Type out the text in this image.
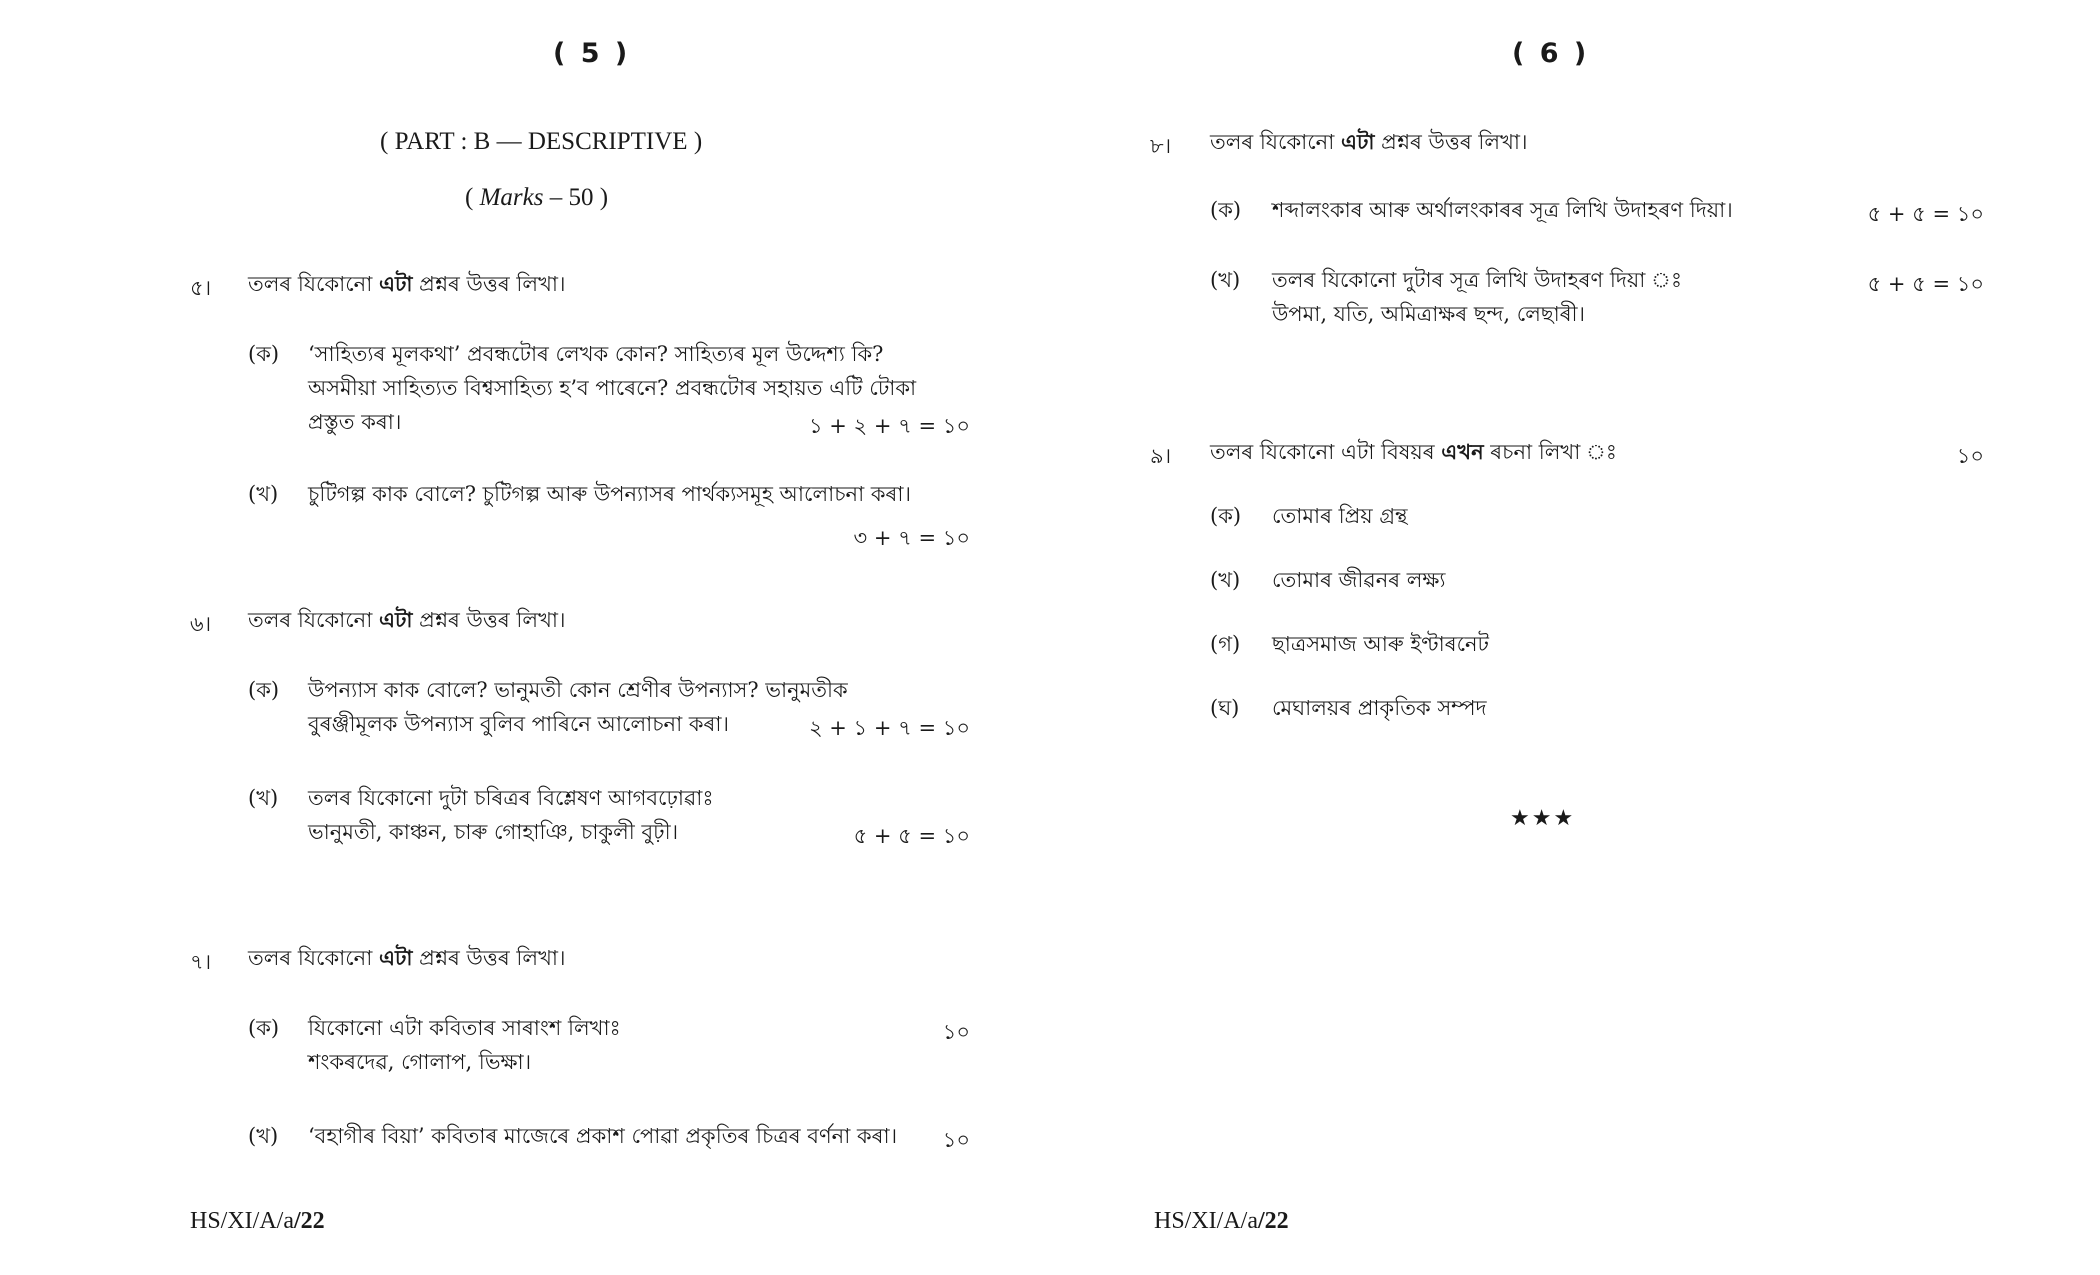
( 5 )
( PART : B — DESCRIPTIVE )
( Marks – 50 )
৫। তলৰ যিকোনো এটা প্ৰশ্নৰ উত্তৰ লিখা।
(ক) ‘সাহিত্যৰ মূলকথা’ প্ৰবন্ধটোৰ লেখক কোন? সাহিত্যৰ মূল উদ্দেশ্য কি?
অসমীয়া সাহিত্যত বিশ্বসাহিত্য হ’ব পাৰেনে? প্ৰবন্ধটোৰ সহায়ত এটি টোকা
প্ৰস্তুত কৰা।	১ + ২ + ৭ = ১০
(খ) চুটিগল্প কাক বোলে? চুটিগল্প আৰু উপন্যাসৰ পাৰ্থক্যসমূহ আলোচনা কৰা।
৩ + ৭ = ১০
৬। তলৰ যিকোনো এটা প্ৰশ্নৰ উত্তৰ লিখা।
(ক) উপন্যাস কাক বোলে? ভানুমতী কোন শ্ৰেণীৰ উপন্যাস? ভানুমতীক
বুৰঞ্জীমূলক উপন্যাস বুলিব পাৰিনে আলোচনা কৰা।	২ + ১ + ৭ = ১০
(খ) তলৰ যিকোনো দুটা চৰিত্ৰৰ বিশ্লেষণ আগবঢ়োৱাঃ
ভানুমতী, কাঞ্চন, চাৰু গোহাঞি, চাকুলী বুঢ়ী।	৫ + ৫ = ১০
৭। তলৰ যিকোনো এটা প্ৰশ্নৰ উত্তৰ লিখা।
(ক) যিকোনো এটা কবিতাৰ সাৰাংশ লিখাঃ
শংকৰদেৱ, গোলাপ, ভিক্ষা।
১০
(খ) ‘বহাগীৰ বিয়া’ কবিতাৰ মাজেৰে প্ৰকাশ পোৱা প্ৰকৃতিৰ চিত্ৰৰ বৰ্ণনা কৰা। ১০
HS/XI/A/a/22
( 6 )
৮। তলৰ যিকোনো এটা প্ৰশ্নৰ উত্তৰ লিখা।
(ক) শব্দালংকাৰ আৰু অৰ্থালংকাৰৰ সূত্ৰ লিখি উদাহৰণ দিয়া।	৫ + ৫ = ১০
(খ) তলৰ যিকোনো দুটাৰ সূত্ৰ লিখি উদাহৰণ দিয়া ঃ
উপমা, যতি, অমিত্ৰাক্ষৰ ছন্দ, লেছাৰী।
৫ + ৫ = ১০
৯। তলৰ যিকোনো এটা বিষয়ৰ এখন ৰচনা লিখা ঃ	১০
(ক) তোমাৰ প্ৰিয় গ্ৰন্থ
(খ) তোমাৰ জীৱনৰ লক্ষ্য
(গ) ছাত্ৰসমাজ আৰু ইণ্টাৰনেট
(ঘ) মেঘালয়ৰ প্ৰাকৃতিক সম্পদ
★★★
HS/XI/A/a/22
